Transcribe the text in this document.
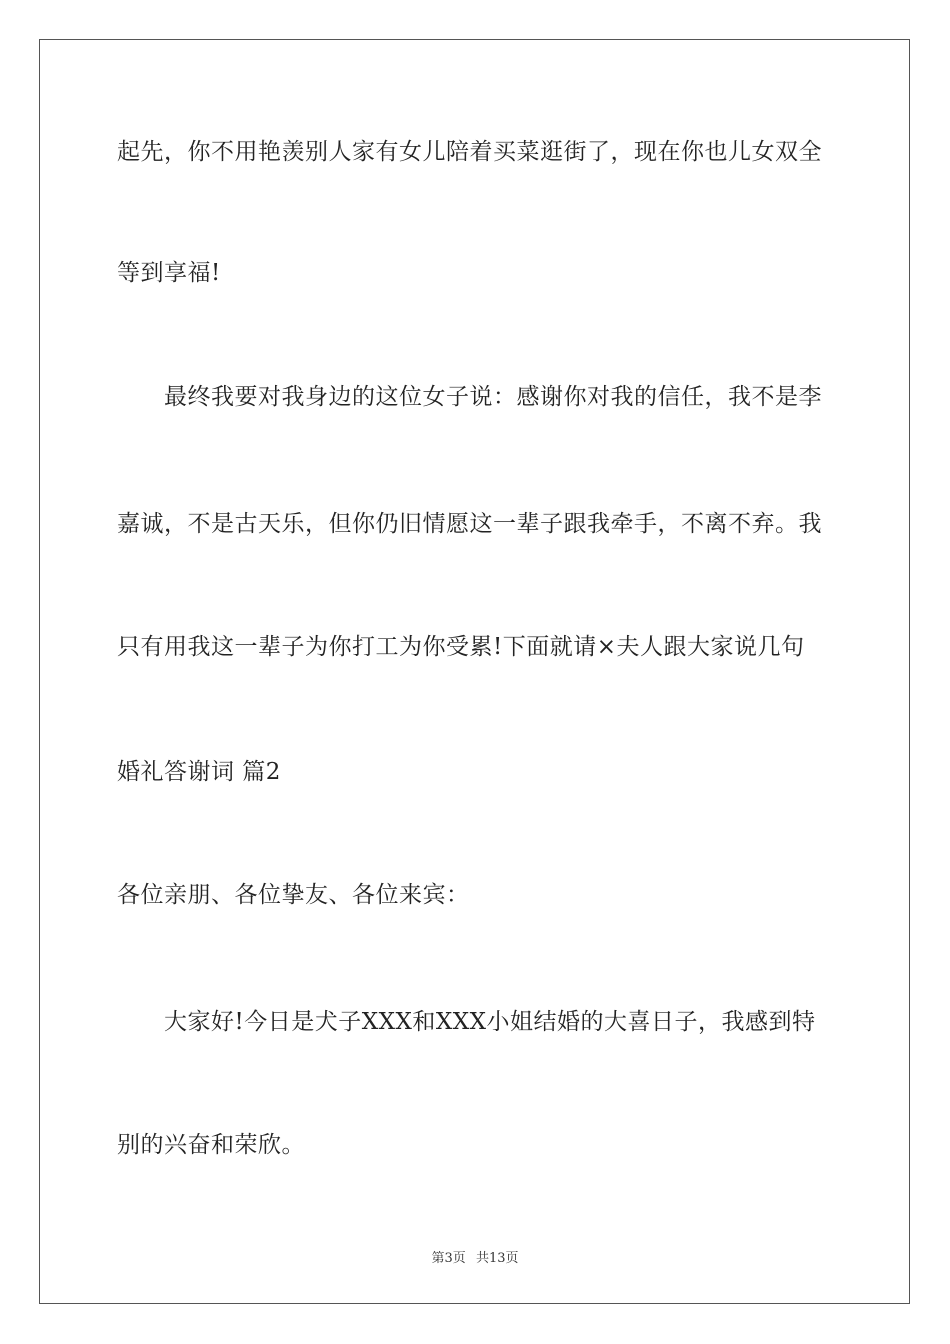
起先，你不用艳羡别人家有女儿陪着买菜逛街了，现在你也儿女双全
等到享福!
最终我要对我身边的这位女子说：感谢你对我的信任，我不是李
嘉诚，不是古天乐，但你仍旧情愿这一辈子跟我牵手，不离不弃。我
只有用我这一辈子为你打工为你受累!下面就请×夫人跟大家说几句
婚礼答谢词 篇2
各位亲朋、各位挚友、各位来宾：
大家好!今日是犬子XXX和XXX小姐结婚的大喜日子，我感到特
别的兴奋和荣欣。
第3页 共13页
